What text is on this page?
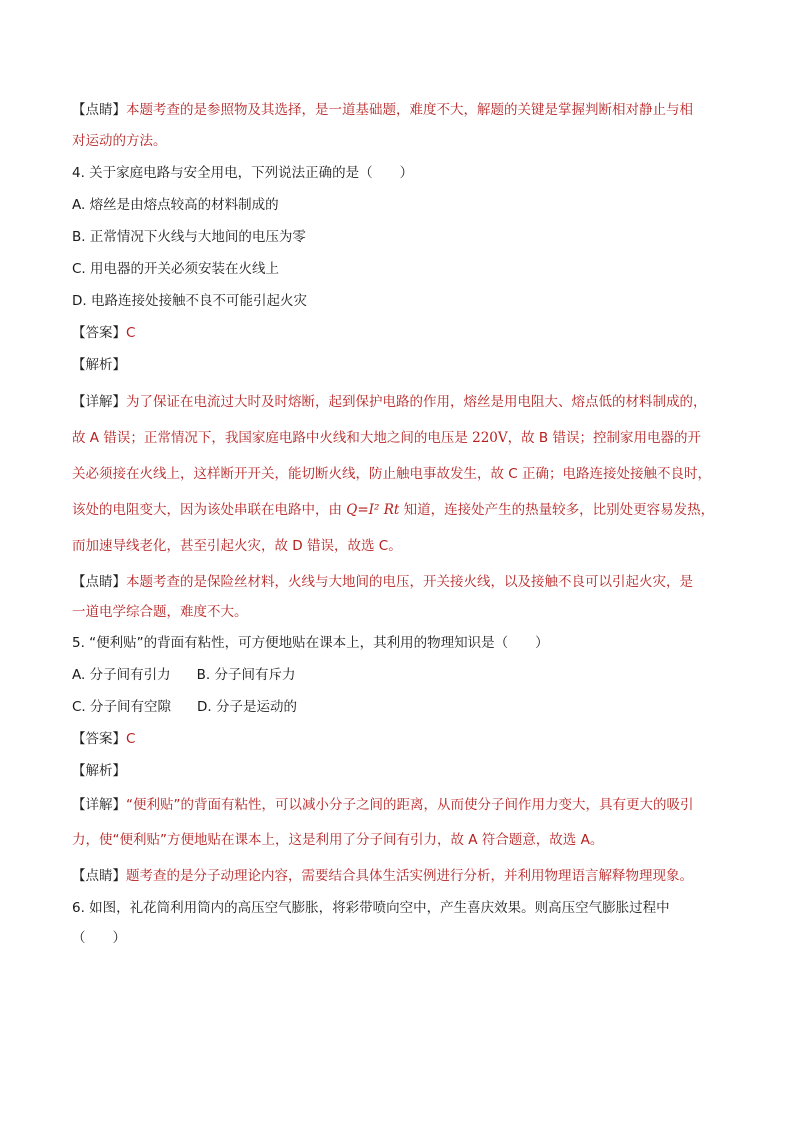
【点睛】本题考查的是参照物及其选择，是一道基础题，难度不大，解题的关键是掌握判断相对静止与相
对运动的方法。
4. 关于家庭电路与安全用电，下列说法正确的是（　　）
A. 熔丝是由熔点较高的材料制成的
B. 正常情况下火线与大地间的电压为零
C. 用电器的开关必须安装在火线上
D. 电路连接处接触不良不可能引起火灾
【答案】C
【解析】
【详解】为了保证在电流过大时及时熔断，起到保护电路的作用，熔丝是用电阻大、熔点低的材料制成的，
故 A 错误；正常情况下，我国家庭电路中火线和大地之间的电压是 220V，故 B 错误；控制家用电器的开
关必须接在火线上，这样断开开关，能切断火线，防止触电事故发生，故 C 正确；电路连接处接触不良时，
该处的电阻变大，因为该处串联在电路中，由 Q=I² Rt 知道，连接处产生的热量较多，比别处更容易发热，
而加速导线老化，甚至引起火灾，故 D 错误，故选 C。
【点睛】本题考查的是保险丝材料，火线与大地间的电压，开关接火线，以及接触不良可以引起火灾，是
一道电学综合题，难度不大。
5. “便利贴”的背面有粘性，可方便地贴在课本上，其利用的物理知识是（　　）
A. 分子间有引力 B. 分子间有斥力
C. 分子间有空隙 D. 分子是运动的
【答案】C
【解析】
【详解】“便利贴”的背面有粘性，可以减小分子之间的距离，从而使分子间作用力变大，具有更大的吸引
力，使“便利贴”方便地贴在课本上，这是利用了分子间有引力，故 A 符合题意，故选 A。
【点睛】题考查的是分子动理论内容，需要结合具体生活实例进行分析，并利用物理语言解释物理现象。
6. 如图，礼花筒利用筒内的高压空气膨胀，将彩带喷向空中，产生喜庆效果。则高压空气膨胀过程中
（　　）
